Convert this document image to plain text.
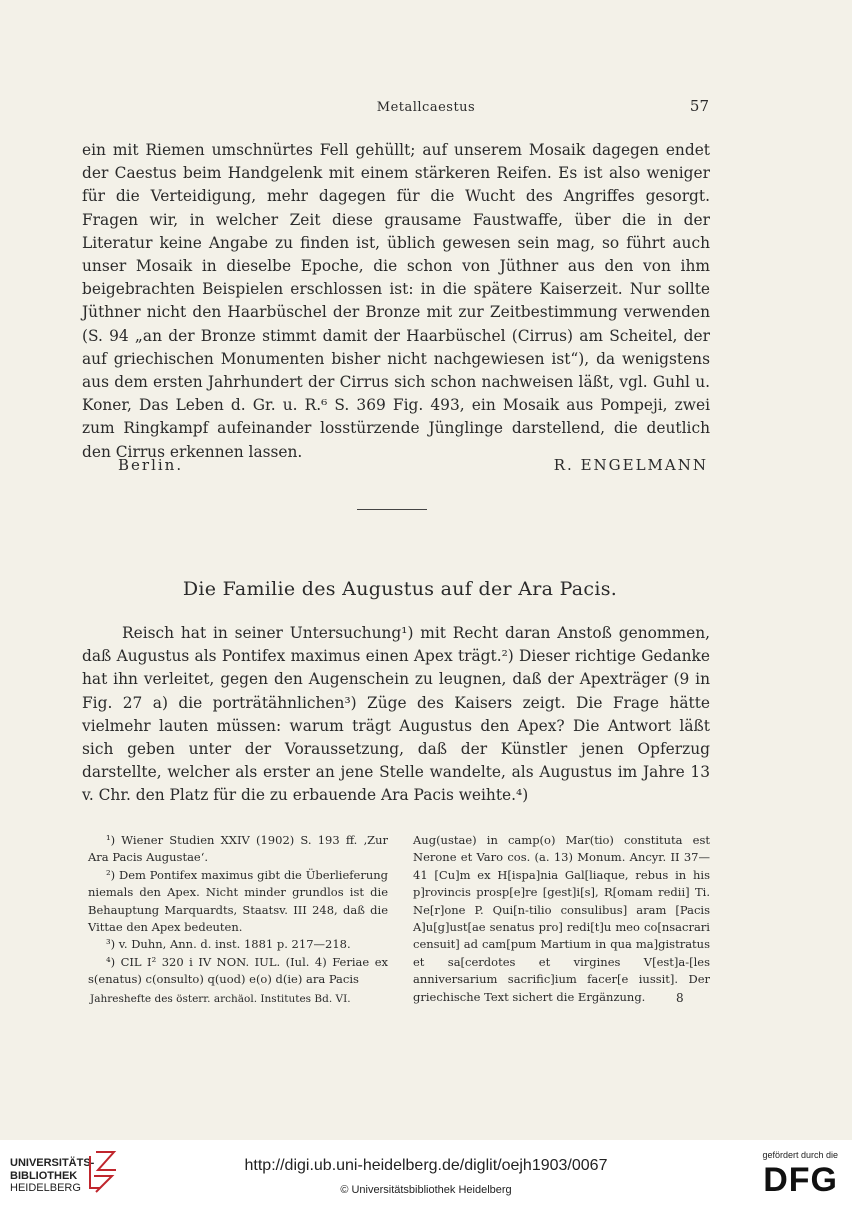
Metallcaestus	57

ein mit Riemen umschnürtes Fell gehüllt; auf unserem Mosaik dagegen endet der Caestus beim Handgelenk mit einem stärkeren Reifen. Es ist also weniger für die Verteidigung, mehr dagegen für die Wucht des Angriffes gesorgt. Fragen wir, in welcher Zeit diese grausame Faustwaffe, über die in der Literatur keine Angabe zu finden ist, üblich gewesen sein mag, so führt auch unser Mosaik in dieselbe Epoche, die schon von Jüthner aus den von ihm beigebrachten Beispielen erschlossen ist: in die spätere Kaiserzeit. Nur sollte Jüthner nicht den Haarbüschel der Bronze mit zur Zeitbestimmung verwenden (S. 94 „an der Bronze stimmt damit der Haarbüschel (Cirrus) am Scheitel, der auf griechischen Monumenten bisher nicht nachgewiesen ist“), da wenigstens aus dem ersten Jahrhundert der Cirrus sich schon nachweisen läßt, vgl. Guhl u. Koner, Das Leben d. Gr. u. R.⁶ S. 369 Fig. 493, ein Mosaik aus Pompeji, zwei zum Ringkampf aufeinander losstürzende Jünglinge darstellend, die deutlich den Cirrus erkennen lassen.

Berlin.	R. ENGELMANN
Die Familie des Augustus auf der Ara Pacis.

Reisch hat in seiner Untersuchung¹) mit Recht daran Anstoß genommen, daß Augustus als Pontifex maximus einen Apex trägt.²) Dieser richtige Gedanke hat ihn verleitet, gegen den Augenschein zu leugnen, daß der Apexträger (9 in Fig. 27 a) die porträtähnlichen³) Züge des Kaisers zeigt. Die Frage hätte vielmehr lauten müssen: warum trägt Augustus den Apex? Die Antwort läßt sich geben unter der Voraussetzung, daß der Künstler jenen Opferzug darstellte, welcher als erster an jene Stelle wandelte, als Augustus im Jahre 13 v. Chr. den Platz für die zu erbauende Ara Pacis weihte.⁴)

¹) Wiener Studien XXIV (1902) S. 193 ff. ‚Zur Ara Pacis Augustae‘.
²) Dem Pontifex maximus gibt die Überlieferung niemals den Apex. Nicht minder grundlos ist die Behauptung Marquardts, Staatsv. III 248, daß die Vittae den Apex bedeuten.
³) v. Duhn, Ann. d. inst. 1881 p. 217—218.
⁴) CIL I² 320 i IV NON. IUL. (Iul. 4) Feriae ex s(enatus) c(onsulto) q(uod) e(o) d(ie) ara Pacis
Aug(ustae) in camp(o) Mar(tio) constituta est Nerone et Varo cos. (a. 13) Monum. Ancyr. II 37—41 [Cu]m ex H[ispa]nia Gal[liaque, rebus in his p]rovincis prosp[e]re [gest]i[s], R[omam redii] Ti. Ne[r]one P. Qui[n-tilio consulibus] aram [Pacis A]u[g]ust[ae senatus pro] redi[t]u meo co[nsacrari censuit] ad cam[pum Martium in qua ma]gistratus et sa[cerdotes et virgines V[est]a-[les anniversarium sacrific]ium facer[e iussit]. Der griechische Text sichert die Ergänzung.
Jahreshefte des österr. archäol. Institutes Bd. VI.	8
UNIVERSITÄTS-
BIBLIOTHEK
HEIDELBERG
http://digi.ub.uni-heidelberg.de/diglit/oejh1903/0067
© Universitätsbibliothek Heidelberg
gefördert durch die
DFG
